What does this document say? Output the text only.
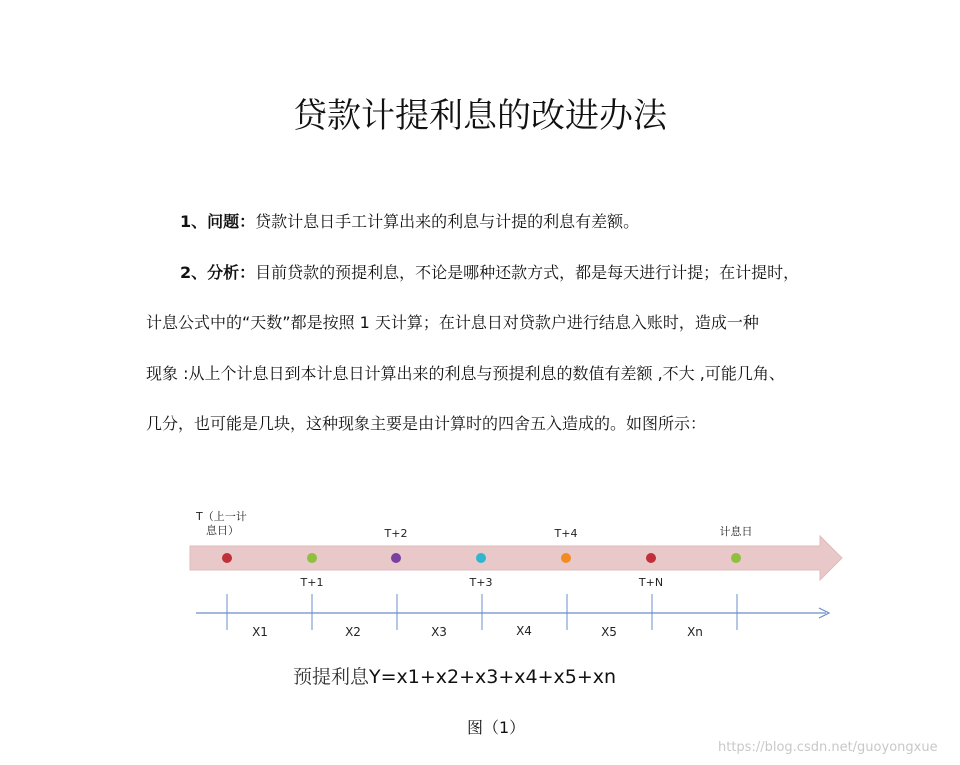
贷款计提利息的改进办法
1、问题：贷款计息日手工计算出来的利息与计提的利息有差额。
2、分析：目前贷款的预提利息，不论是哪种还款方式，都是每天进行计提；在计提时，
计息公式中的“天数”都是按照 1 天计算；在计息日对贷款户进行结息入账时，造成一种
现象 :从上个计息日到本计息日计算出来的利息与预提利息的数值有差额 ,不大 ,可能几角、
几分，也可能是几块，这种现象主要是由计算时的四舍五入造成的。如图所示：
T（上一计
息日）	T+2	T+4	计息日
T+1	T+3	T+N
X1	X2	X3	X4	X5	Xn
预提利息Y=x1+x2+x3+x4+x5+xn
图（1）
https://blog.csdn.net/guoyongxue
